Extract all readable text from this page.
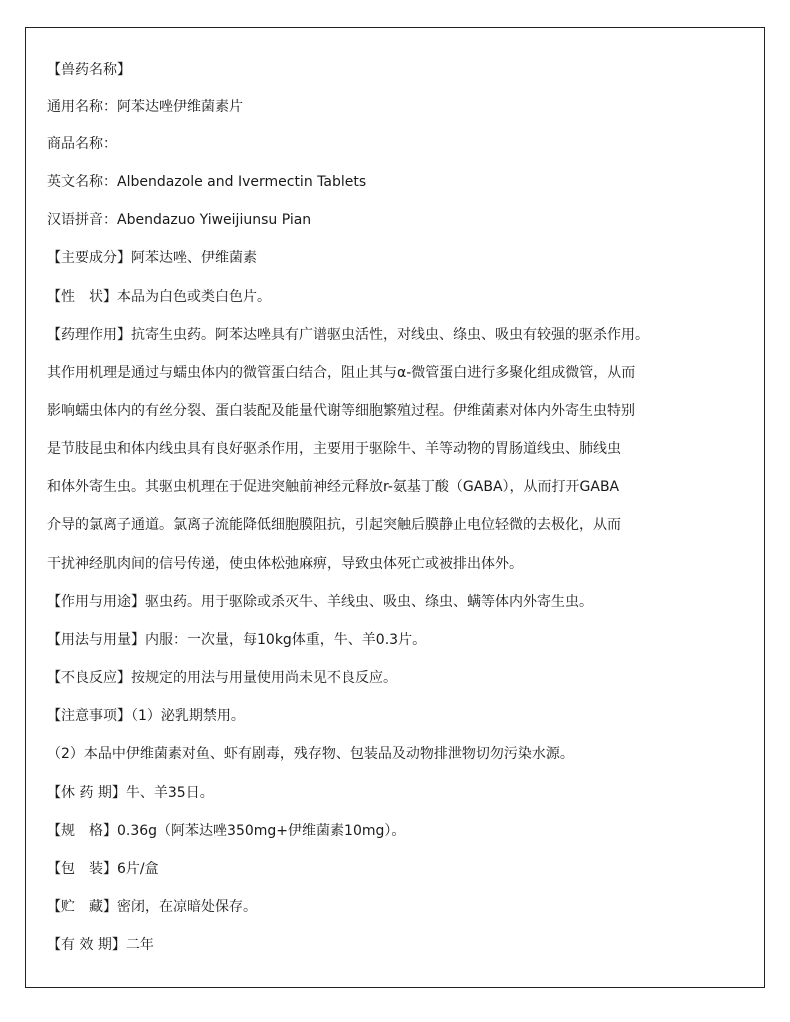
【兽药名称】
通用名称：阿苯达唑伊维菌素片
商品名称：
英文名称：Albendazole and Ivermectin Tablets
汉语拼音：Abendazuo Yiweijiunsu Pian
【主要成分】阿苯达唑、伊维菌素
【性　状】本品为白色或类白色片。
【药理作用】抗寄生虫药。阿苯达唑具有广谱驱虫活性，对线虫、绦虫、吸虫有较强的驱杀作用。
其作用机理是通过与蠕虫体内的微管蛋白结合，阻止其与α-微管蛋白进行多聚化组成微管，从而
影响蠕虫体内的有丝分裂、蛋白装配及能量代谢等细胞繁殖过程。伊维菌素对体内外寄生虫特别
是节肢昆虫和体内线虫具有良好驱杀作用，主要用于驱除牛、羊等动物的胃肠道线虫、肺线虫
和体外寄生虫。其驱虫机理在于促进突触前神经元释放r-氨基丁酸（GABA），从而打开GABA
介导的氯离子通道。氯离子流能降低细胞膜阻抗，引起突触后膜静止电位轻微的去极化，从而
干扰神经肌肉间的信号传递，使虫体松弛麻痹，导致虫体死亡或被排出体外。
【作用与用途】驱虫药。用于驱除或杀灭牛、羊线虫、吸虫、绦虫、螨等体内外寄生虫。
【用法与用量】内服：一次量，每10kg体重，牛、羊0.3片。
【不良反应】按规定的用法与用量使用尚未见不良反应。
【注意事项】（1）泌乳期禁用。
（2）本品中伊维菌素对鱼、虾有剧毒，残存物、包装品及动物排泄物切勿污染水源。
【休 药 期】牛、羊35日。
【规　格】0.36g（阿苯达唑350mg+伊维菌素10mg）。
【包　装】6片/盒
【贮　藏】密闭，在凉暗处保存。
【有 效 期】二年
